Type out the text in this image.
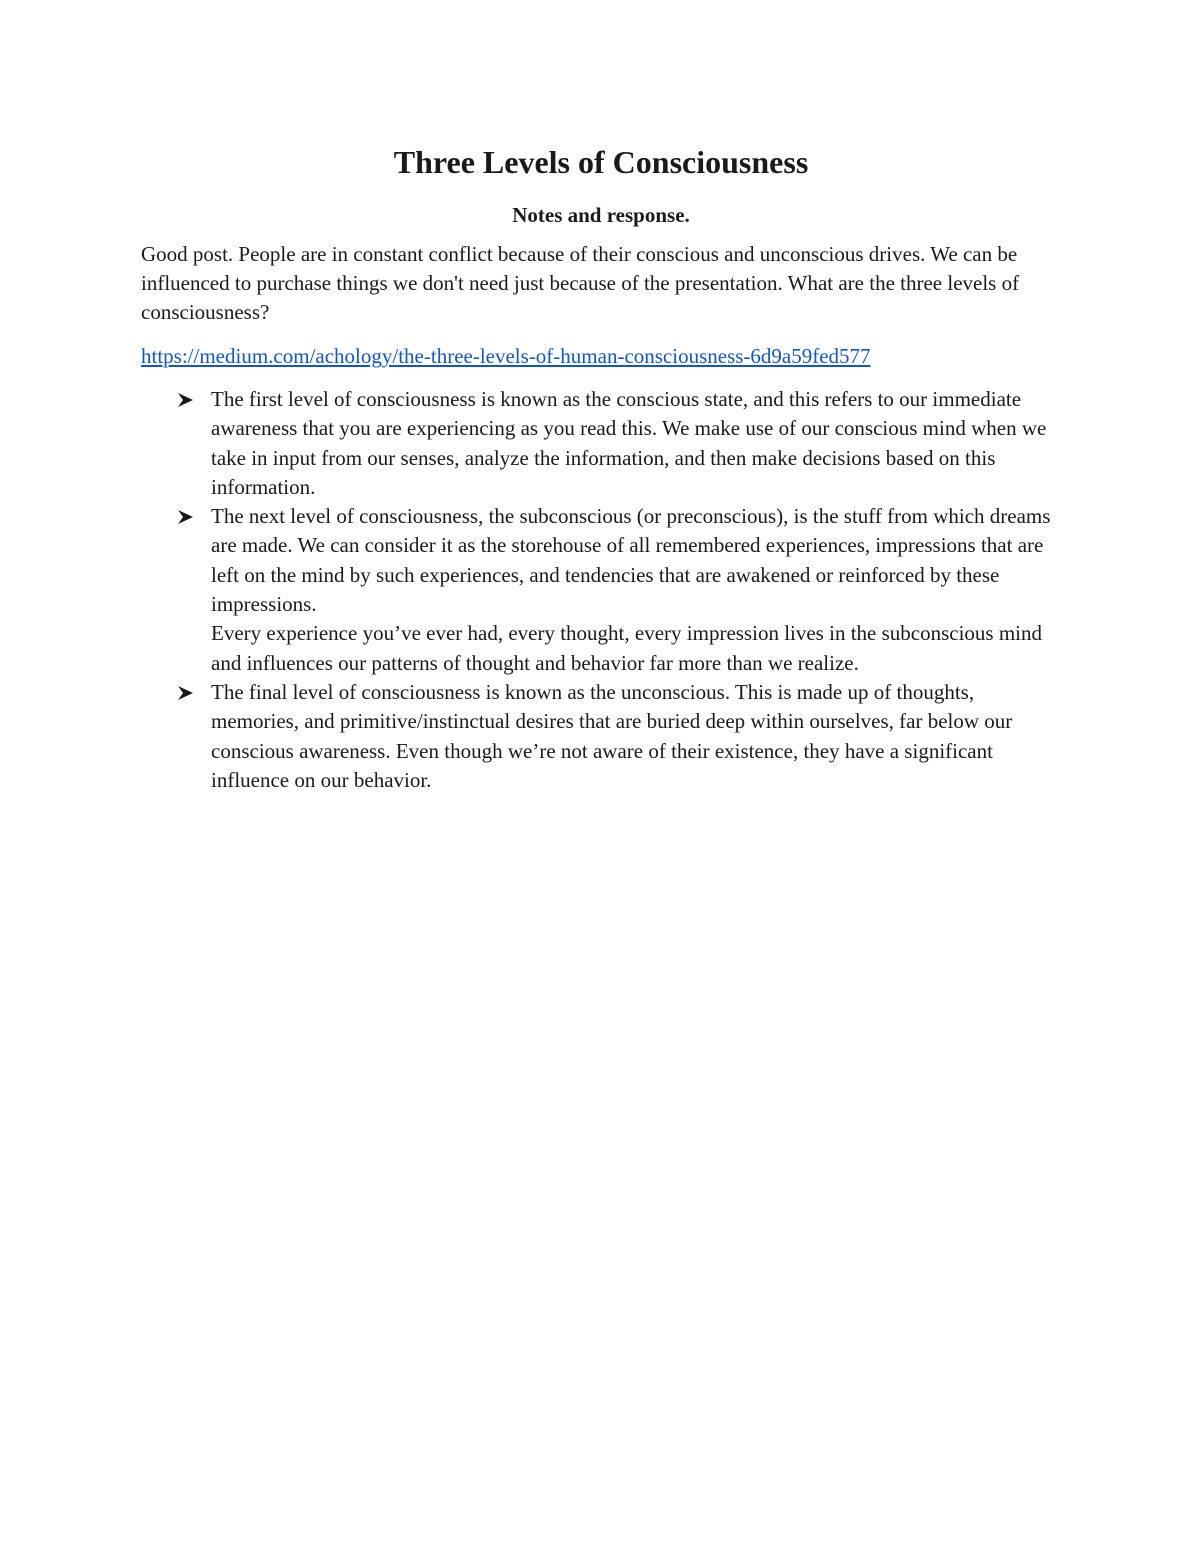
Three Levels of Consciousness
Notes and response.

Good post. People are in constant conflict because of their conscious and unconscious drives. We can be influenced to purchase things we don't need just because of the presentation. What are the three levels of consciousness?

https://medium.com/achology/the-three-levels-of-human-consciousness-6d9a59fed577
The first level of consciousness is known as the conscious state, and this refers to our immediate awareness that you are experiencing as you read this. We make use of our conscious mind when we take in input from our senses, analyze the information, and then make decisions based on this information.
The next level of consciousness, the subconscious (or preconscious), is the stuff from which dreams are made. We can consider it as the storehouse of all remembered experiences, impressions that are left on the mind by such experiences, and tendencies that are awakened or reinforced by these impressions.
Every experience you’ve ever had, every thought, every impression lives in the subconscious mind and influences our patterns of thought and behavior far more than we realize.
The final level of consciousness is known as the unconscious. This is made up of thoughts, memories, and primitive/instinctual desires that are buried deep within ourselves, far below our conscious awareness. Even though we’re not aware of their existence, they have a significant influence on our behavior.
